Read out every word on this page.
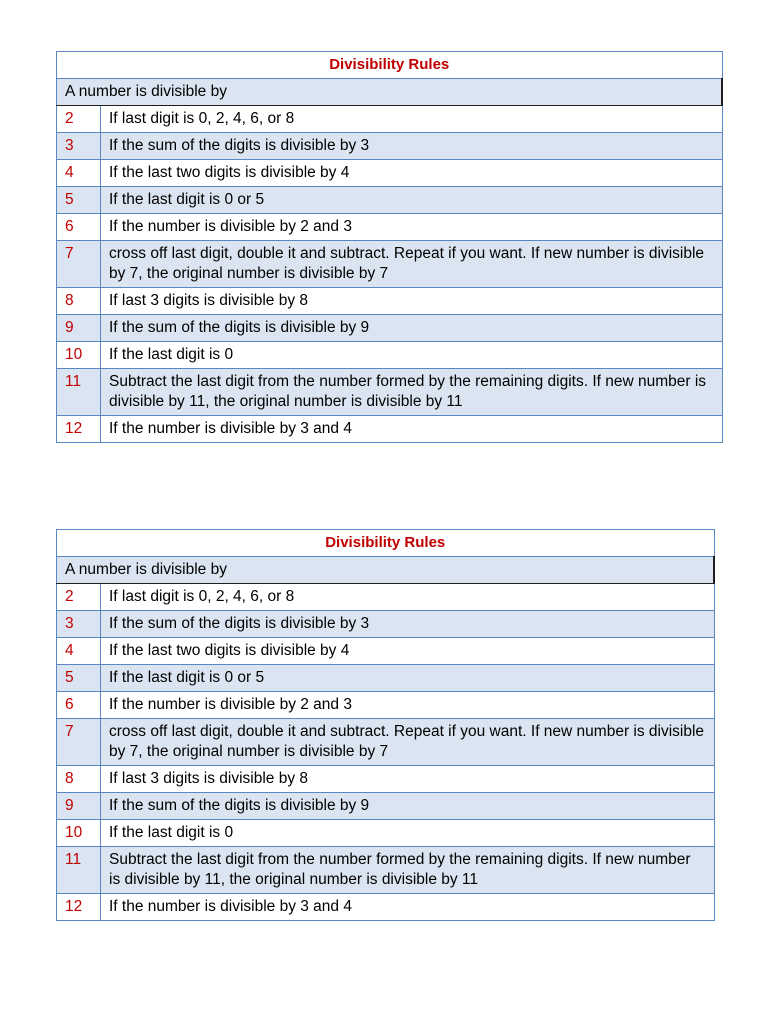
Divisibility Rules	
A number is divisible by	
2	If last digit is 0, 2, 4, 6, or 8
3	If the sum of the digits is divisible by 3
4	If the last two digits is divisible by 4
5	If the last digit is 0 or 5
6	If the number is divisible by 2 and 3
7	cross off last digit, double it and subtract. Repeat if you want. If new number is divisible by 7, the original number is divisible by 7
8	If last 3 digits is divisible by 8
9	If the sum of the digits is divisible by 9
10	If the last digit is 0
11	Subtract the last digit from the number formed by the remaining digits. If new number is divisible by 11, the original number is divisible by 11
12	If the number is divisible by 3 and 4
Divisibility Rules	
A number is divisible by	
2	If last digit is 0, 2, 4, 6, or 8
3	If the sum of the digits is divisible by 3
4	If the last two digits is divisible by 4
5	If the last digit is 0 or 5
6	If the number is divisible by 2 and 3
7	cross off last digit, double it and subtract. Repeat if you want. If new number is divisible by 7, the original number is divisible by 7
8	If last 3 digits is divisible by 8
9	If the sum of the digits is divisible by 9
10	If the last digit is 0
11	Subtract the last digit from the number formed by the remaining digits. If new number is divisible by 11, the original number is divisible by 11
12	If the number is divisible by 3 and 4
